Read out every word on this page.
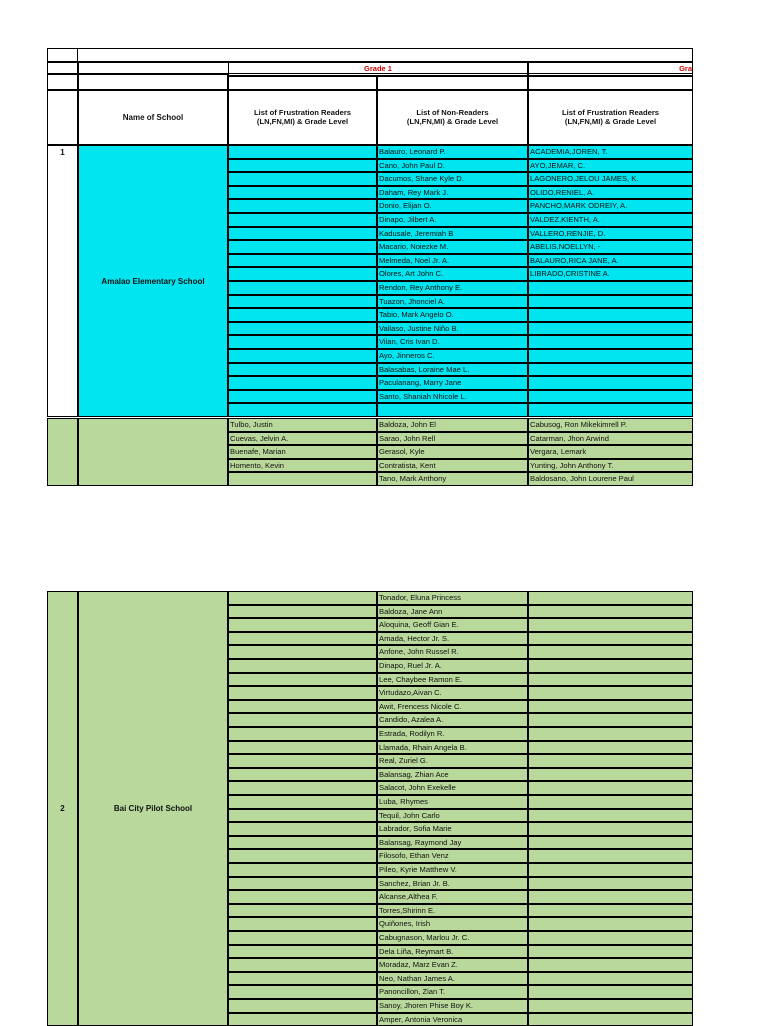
Grade 1	Gra
Name of School
List of Frustration Readers
(LN,FN,MI) & Grade Level
List of Non-Readers
(LN,FN,MI) & Grade Level
List of Frustration Readers
(LN,FN,MI) & Grade Level
1
Amalao Elementary School
Balauro, Leonard P.
Cano, John Paul D.
Dacumos, Shane Kyle D.
Daham, Rey Mark J.
Donio, Elijan O.
Dinapo, Jilbert A.
Kadusale, Jeremiah B
Macario, Noiezke M.
Melmeda, Noel Jr. A.
Olores, Art John C.
Rendon, Rey Anthony E.
Tuazon, Jhonciel A.
Tabio, Mark Angelo O.
Vallaso, Justine Niño B.
Vilan, Cris Ivan D.
Ayo, Jinneros C.
Balasabas, Loraine Mae L.
Paculanang, Marry Jane
Santo, Shaniah Nhicole L.
ACADEMIA,JOREN, T.
AYO,JEMAR, C.
LAGONERO,JELOU JAMES, K.
OLIDO,RENIEL, A.
PANCHO,MARK ODREIY, A.
VALDEZ,KIENTH, A.
VALLERO,RENJIE, D.
ABELIS,NOELLYN, -
BALAURO,RICA JANE, A.
LIBRADO,CRISTINE A.
Tulbo, Justin
Cuevas, Jelvin A.
Buenafe, Marian
Homento, Kevin
Baldoza, John El
Sarao, John Rell
Gerasol, Kyle
Contratista, Kent
Tano, Mark Anthony
Cabusog, Ron Mikekimrell P.
Catarman, Jhon Arwind
Vergara, Lemark
Yunting, John Anthony T.
Baldosano, John Lourene Paul
2	Bai City Pilot School
Tonador, Eluna Princess
Baldoza, Jane Ann
Aloquina, Geoff Gian E.
Amada, Hector Jr. S.
Anfone, John Russel R.
Dinapo, Ruel Jr. A.
Lee, Chaybee Ramon E.
Virtudazo,Aivan C.
Awit, Frencess Nicole C.
Candido, Azalea A.
Estrada, Rodilyn R.
Llamada, Rhain Angela B.
Real, Zuriel G.
Balansag, Zhian Ace
Salacot, John Exekelle
Luba, Rhymes
Tequil, John Carlo
Labrador, Sofia Marie
Balansag, Raymond Jay
Filosofo, Ethan Venz
Pileo, Kyrie Matthew V.
Sanchez, Brian Jr. B.
Alcanse,Althea F.
Torres,Shirinn E.
Quiñones, Irish
Cabugnason, Marlou Jr. C.
Dela Liña, Reymart B.
Moradaz, Marz Evan Z.
Neo, Nathan James A.
Panoncillon, Zian T.
Sanoy, Jhoren Phise Boy K.
Amper, Antonia Veronica
